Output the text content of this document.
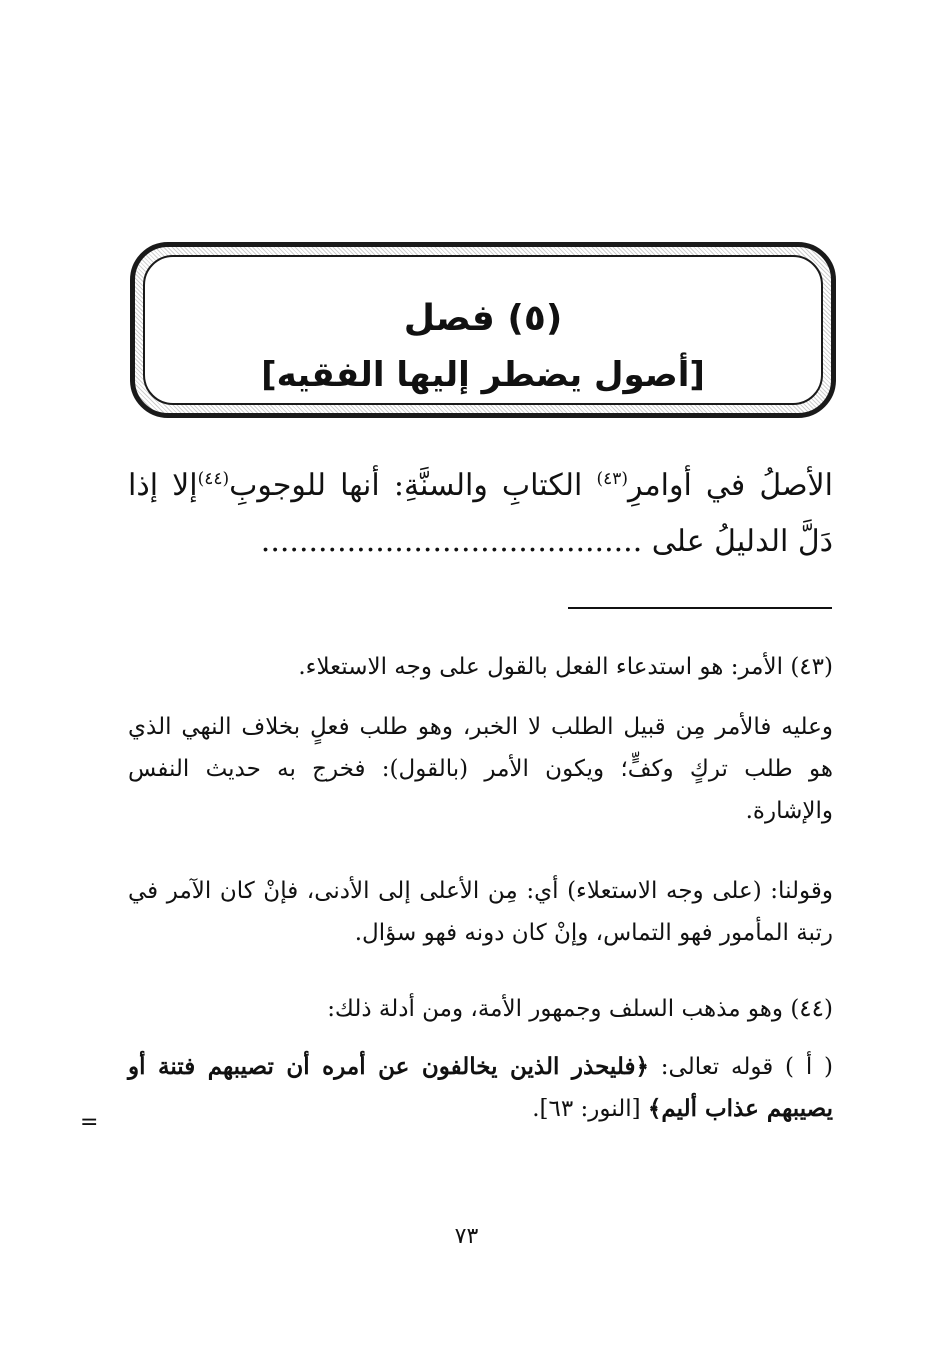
(٥) فصل
[أصول يضطر إليها الفقيه]
الأصلُ في أوامرِ$^{(٤٣)}$ الكتابِ والسنَّةِ: أنها للوجوبِ$^{(٤٤)}$إلا إذا دَلَّ الدليلُ على ........................................
(٤٣) الأمر: هو استدعاء الفعل بالقول على وجه الاستعلاء.
وعليه فالأمر مِن قبيل الطلب لا الخبر، وهو طلب فعلٍ بخلاف النهي الذي هو طلب تركٍ وكفٍّ؛ ويكون الأمر (بالقول): فخرج به حديث النفس والإشارة.
وقولنا: (على وجه الاستعلاء) أي: مِن الأعلى إلى الأدنى، فإنْ كان الآمر في رتبة المأمور فهو التماس، وإنْ كان دونه فهو سؤال.
(٤٤) وهو مذهب السلف وجمهور الأمة، ومن أدلة ذلك:
( أ ) قوله تعالى: ﴿فليحذر الذين يخالفون عن أمره أن تصيبهم فتنة أو يصيبهم عذاب أليم﴾ [النور: ٦٣].
=
٧٣
